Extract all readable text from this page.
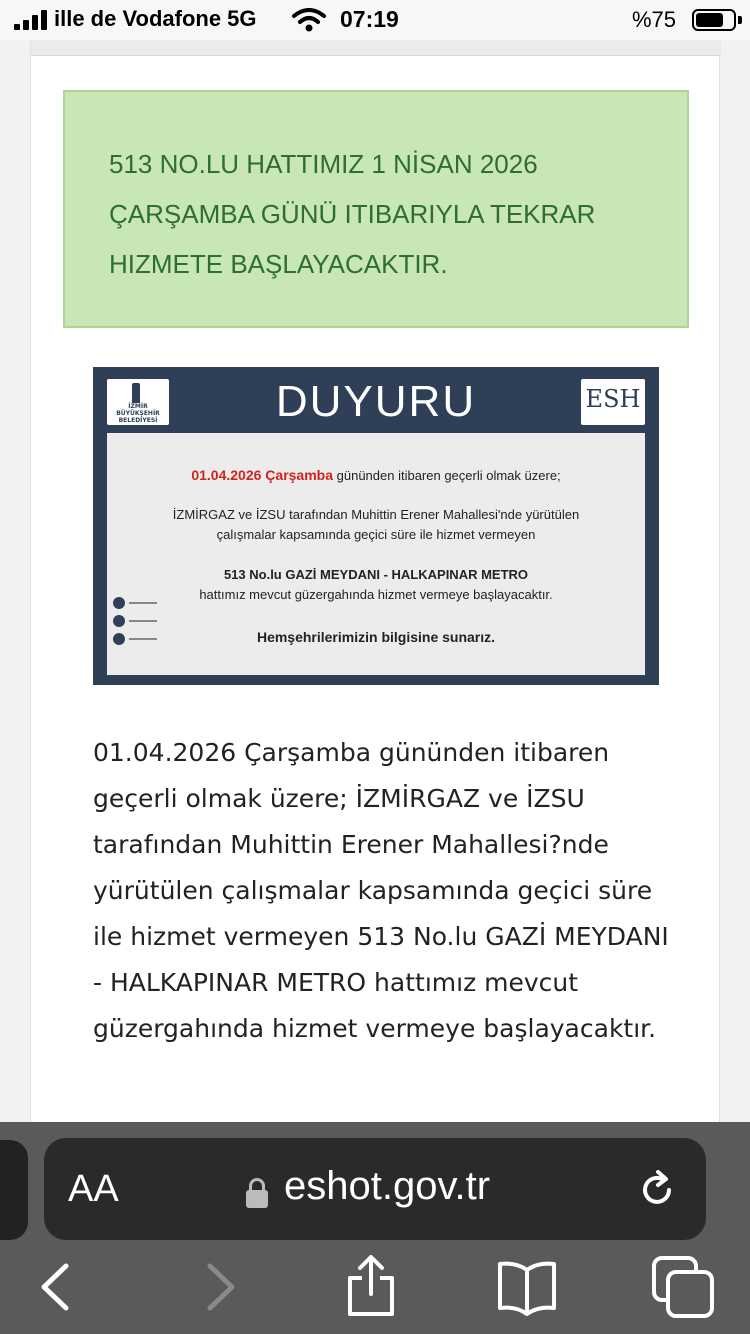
ille de Vodafone 5G	07:19	%75

513 NO.LU HATTIMIZ 1 NİSAN 2026 ÇARŞAMBA GÜNÜ ITIBARIYLA TEKRAR HIZMETE BAŞLAYACAKTIR.

İZMİR BÜYÜKŞEHİR BELEDİYESİ	DUYURU	ESH
01.04.2026 Çarşamba gününden itibaren geçerli olmak üzere;
İZMİRGAZ ve İZSU tarafından Muhittin Erener Mahallesi'nde yürütülen
çalışmalar kapsamında geçici süre ile hizmet vermeyen
513 No.lu GAZİ MEYDANI - HALKAPINAR METRO
hattımız mevcut güzergahında hizmet vermeye başlayacaktır.
Hemşehrilerimizin bilgisine sunarız.

01.04.2026 Çarşamba gününden itibaren geçerli olmak üzere; İZMİRGAZ ve İZSU tarafından Muhittin Erener Mahallesi?nde yürütülen çalışmalar kapsamında geçici süre ile hizmet vermeyen 513 No.lu GAZİ MEYDANI - HALKAPINAR METRO hattımız mevcut güzergahında hizmet vermeye başlayacaktır.

AA	eshot.gov.tr
